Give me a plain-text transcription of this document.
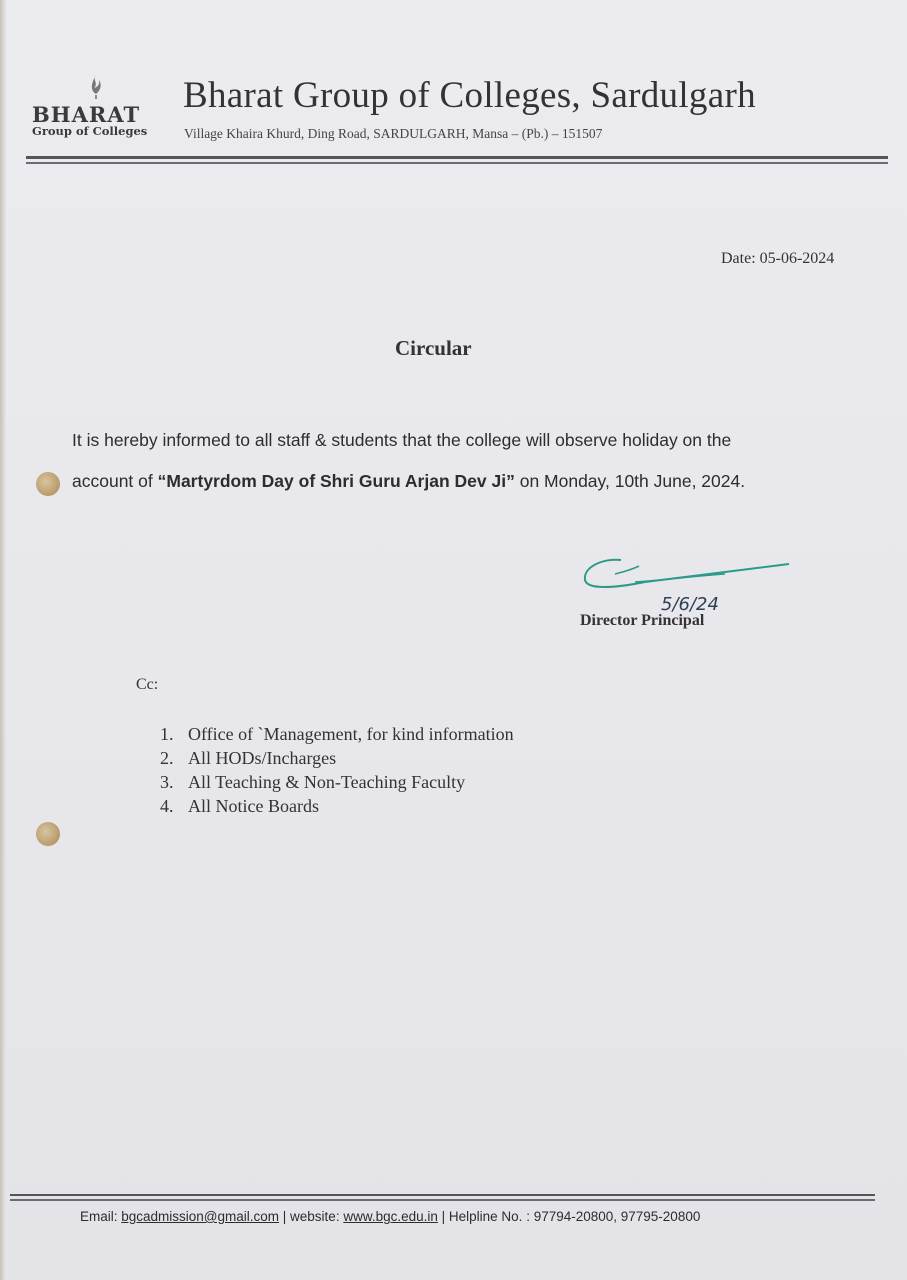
BHARAT
Group of Colleges
Bharat Group of Colleges, Sardulgarh
Village Khaira Khurd, Ding Road, SARDULGARH, Mansa – (Pb.) – 151507
Date: 05-06-2024
Circular
It is hereby informed to all staff & students that the college will observe holiday on the
account of “Martyrdom Day of Shri Guru Arjan Dev Ji” on Monday, 10th June, 2024.
5/6/24
Director Principal
Cc:
1. Office of `Management, for kind information
2. All HODs/Incharges
3. All Teaching & Non-Teaching Faculty
4. All Notice Boards
Email: bgcadmission@gmail.com | website: www.bgc.edu.in | Helpline No. : 97794-20800, 97795-20800
